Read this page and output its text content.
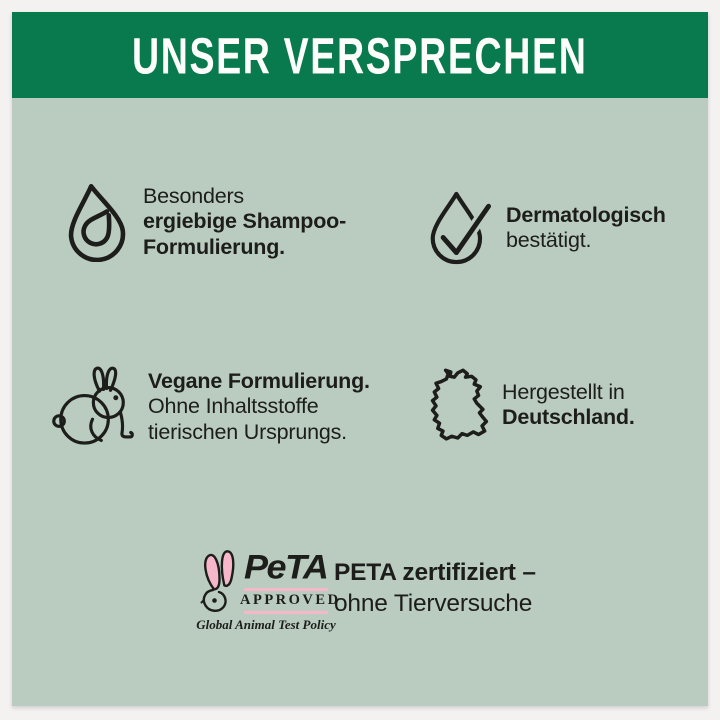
UNSER VERSPRECHEN

Besonders
ergiebige Shampoo-
Formulierung.

Dermatologisch
bestätigt.

Vegane Formulierung.
Ohne Inhaltsstoffe
tierischen Ursprungs.

Hergestellt in
Deutschland.

PeTA
APPROVED
Global Animal Test Policy

PETA zertifiziert –
ohne Tierversuche
